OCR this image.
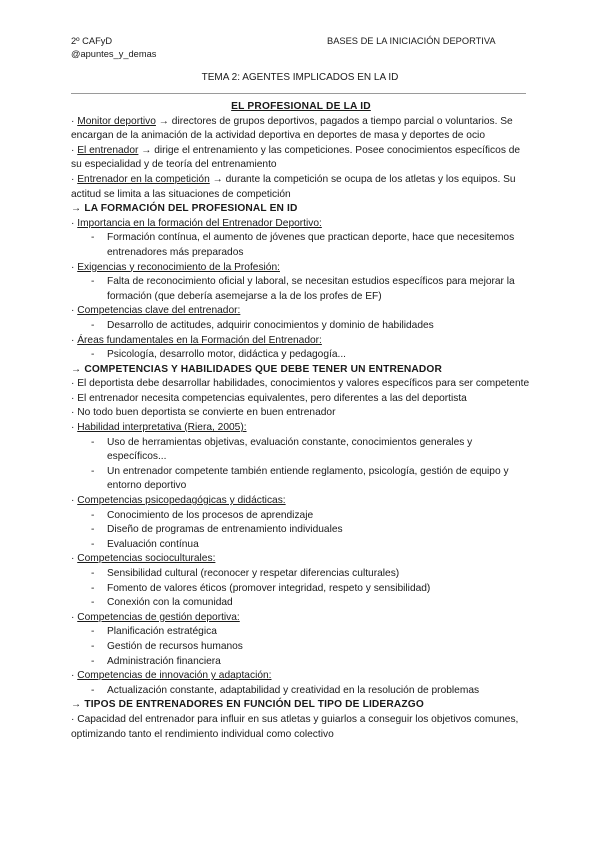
2º CAFyD
@apuntes_y_demas
BASES DE LA INICIACIÓN DEPORTIVA
TEMA 2: AGENTES IMPLICADOS EN LA ID
EL PROFESIONAL DE LA ID
· Monitor deportivo → directores de grupos deportivos, pagados a tiempo parcial o voluntarios. Se encargan de la animación de la actividad deportiva en deportes de masa y deportes de ocio
· El entrenador → dirige el entrenamiento y las competiciones. Posee conocimientos específicos de su especialidad y de teoría del entrenamiento
· Entrenador en la competición → durante la competición se ocupa de los atletas y los equipos. Su actitud se limita a las situaciones de competición
→ LA FORMACIÓN DEL PROFESIONAL EN ID
· Importancia en la formación del Entrenador Deportivo:
- Formación contínua, el aumento de jóvenes que practican deporte, hace que necesitemos entrenadores más preparados
· Exigencias y reconocimiento de la Profesión:
- Falta de reconocimiento oficial y laboral, se necesitan estudios específicos para mejorar la formación (que debería asemejarse a la de los profes de EF)
· Competencias clave del entrenador:
- Desarrollo de actitudes, adquirir conocimientos y dominio de habilidades
· Áreas fundamentales en la Formación del Entrenador:
- Psicología, desarrollo motor, didáctica y pedagogía...
→ COMPETENCIAS Y HABILIDADES QUE DEBE TENER UN ENTRENADOR
· El deportista debe desarrollar habilidades, conocimientos y valores específicos para ser competente
· El entrenador necesita competencias equivalentes, pero diferentes a las del deportista
· No todo buen deportista se convierte en buen entrenador
· Habilidad interpretativa (Riera, 2005):
- Uso de herramientas objetivas, evaluación constante, conocimientos generales y específicos...
- Un entrenador competente también entiende reglamento, psicología, gestión de equipo y entorno deportivo
· Competencias psicopedagógicas y didácticas:
- Conocimiento de los procesos de aprendizaje
- Diseño de programas de entrenamiento individuales
- Evaluación contínua
· Competencias socioculturales:
- Sensibilidad cultural (reconocer y respetar diferencias culturales)
- Fomento de valores éticos (promover integridad, respeto y sensibilidad)
- Conexión con la comunidad
· Competencias de gestión deportiva:
- Planificación estratégica
- Gestión de recursos humanos
- Administración financiera
· Competencias de innovación y adaptación:
- Actualización constante, adaptabilidad y creatividad en la resolución de problemas
→ TIPOS DE ENTRENADORES EN FUNCIÓN DEL TIPO DE LIDERAZGO
· Capacidad del entrenador para influir en sus atletas y guiarlos a conseguir los objetivos comunes, optimizando tanto el rendimiento individual como colectivo
